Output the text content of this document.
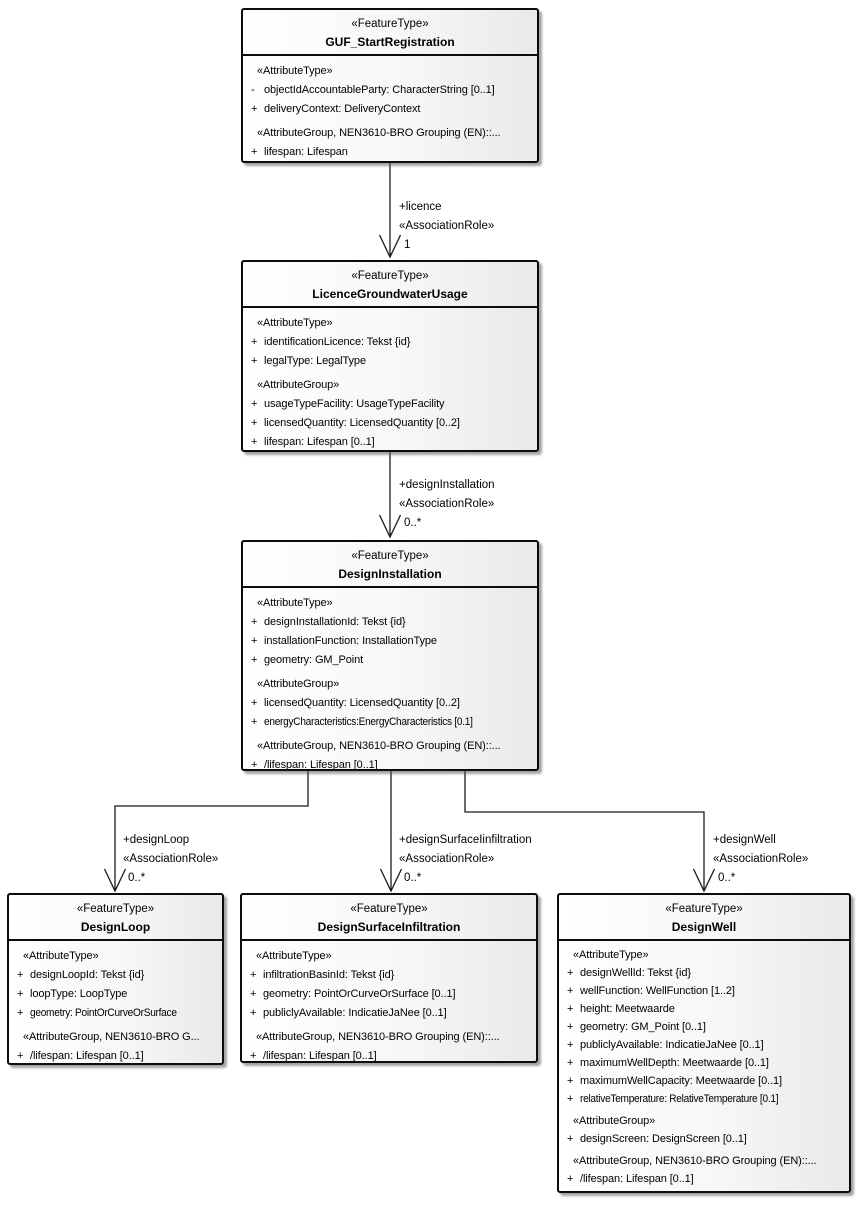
+licence
«AssociationRole»
1
+designInstallation
«AssociationRole»
0..*
+designLoop
«AssociationRole»
0..*
+designSurfaceIinfiltration
«AssociationRole»
0..*
+designWell
«AssociationRole»
0..*
«FeatureType»
GUF_StartRegistration
«AttributeType»
- objectIdAccountableParty: CharacterString [0..1]
+ deliveryContext: DeliveryContext
«AttributeGroup, NEN3610-BRO Grouping (EN)::...
+ lifespan: Lifespan
«FeatureType»
LicenceGroundwaterUsage
«AttributeType»
+ identificationLicence: Tekst {id}
+ legalType: LegalType
«AttributeGroup»
+ usageTypeFacility: UsageTypeFacility
+ licensedQuantity: LicensedQuantity [0..2]
+ lifespan: Lifespan [0..1]
«FeatureType»
DesignInstallation
«AttributeType»
+ designInstallationId: Tekst {id}
+ installationFunction: InstallationType
+ geometry: GM_Point
«AttributeGroup»
+ licensedQuantity: LicensedQuantity [0..2]
+ energyCharacteristics:EnergyCharacteristics [0.1]
«AttributeGroup, NEN3610-BRO Grouping (EN)::...
+ /lifespan: Lifespan [0..1]
«FeatureType»
DesignLoop
«AttributeType»
+ designLoopId: Tekst {id}
+ loopType: LoopType
+ geometry: PointOrCurveOrSurface
«AttributeGroup, NEN3610-BRO G...
+ /lifespan: Lifespan [0..1]
«FeatureType»
DesignSurfaceInfiltration
«AttributeType»
+ infiltrationBasinId: Tekst {id}
+ geometry: PointOrCurveOrSurface [0..1]
+ publiclyAvailable: IndicatieJaNee [0..1]
«AttributeGroup, NEN3610-BRO Grouping (EN)::...
+ /lifespan: Lifespan [0..1]
«FeatureType»
DesignWell
«AttributeType»
+ designWellId: Tekst {id}
+ wellFunction: WellFunction [1..2]
+ height: Meetwaarde
+ geometry: GM_Point [0..1]
+ publiclyAvailable: IndicatieJaNee [0..1]
+ maximumWellDepth: Meetwaarde [0..1]
+ maximumWellCapacity: Meetwaarde [0..1]
+ relativeTemperature: RelativeTemperature [0.1]
«AttributeGroup»
+ designScreen: DesignScreen [0..1]
«AttributeGroup, NEN3610-BRO Grouping (EN)::...
+ /lifespan: Lifespan [0..1]
